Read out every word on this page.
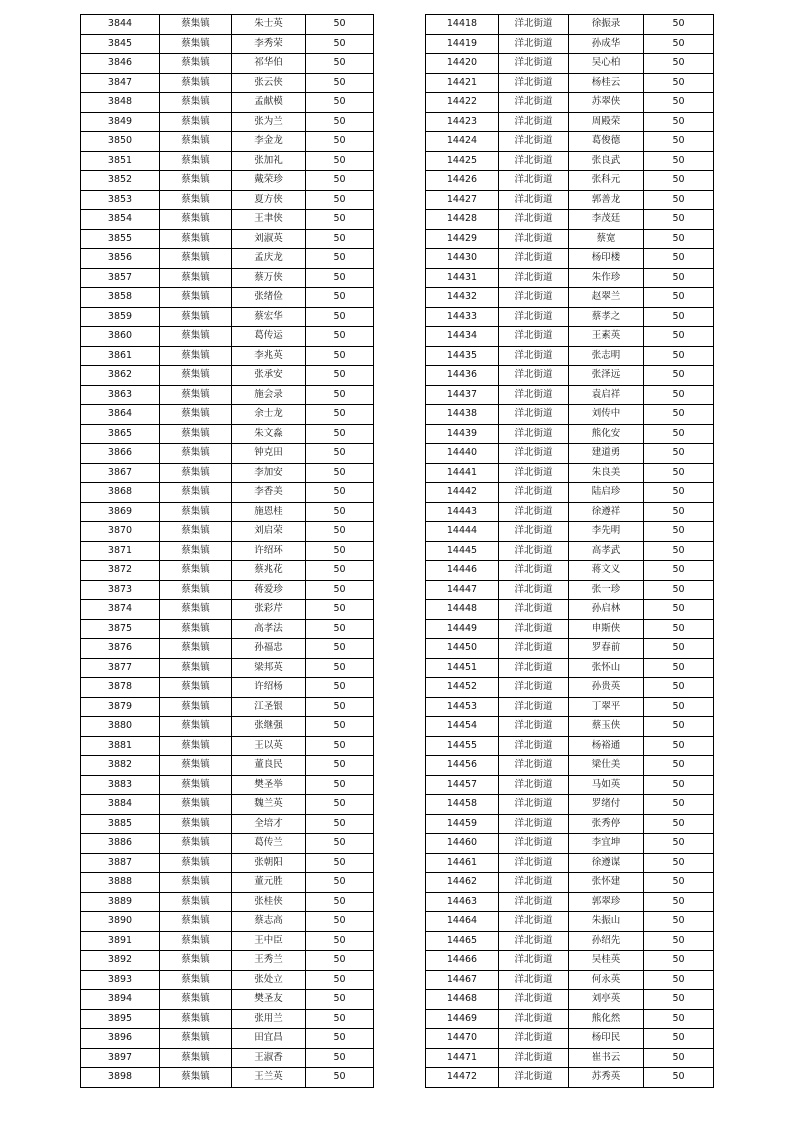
3844	蔡集镇	朱士英	50
3845	蔡集镇	李秀荣	50
3846	蔡集镇	祁华伯	50
3847	蔡集镇	张云侠	50
3848	蔡集镇	孟献模	50
3849	蔡集镇	张为兰	50
3850	蔡集镇	李金龙	50
3851	蔡集镇	张加礼	50
3852	蔡集镇	戴荣珍	50
3853	蔡集镇	夏方侠	50
3854	蔡集镇	王聿侠	50
3855	蔡集镇	刘淑英	50
3856	蔡集镇	孟庆龙	50
3857	蔡集镇	蔡万侠	50
3858	蔡集镇	张绪俭	50
3859	蔡集镇	蔡宏华	50
3860	蔡集镇	葛传运	50
3861	蔡集镇	李兆英	50
3862	蔡集镇	张承安	50
3863	蔡集镇	施会录	50
3864	蔡集镇	余士龙	50
3865	蔡集镇	朱文淼	50
3866	蔡集镇	钟克田	50
3867	蔡集镇	李加安	50
3868	蔡集镇	李香美	50
3869	蔡集镇	施恩桂	50
3870	蔡集镇	刘启荣	50
3871	蔡集镇	许绍环	50
3872	蔡集镇	蔡兆花	50
3873	蔡集镇	蒋爱珍	50
3874	蔡集镇	张彩芹	50
3875	蔡集镇	高孝法	50
3876	蔡集镇	孙福忠	50
3877	蔡集镇	梁邦英	50
3878	蔡集镇	许绍杨	50
3879	蔡集镇	江圣银	50
3880	蔡集镇	张继强	50
3881	蔡集镇	王以英	50
3882	蔡集镇	董良民	50
3883	蔡集镇	樊圣举	50
3884	蔡集镇	魏兰英	50
3885	蔡集镇	全培才	50
3886	蔡集镇	葛传兰	50
3887	蔡集镇	张朝阳	50
3888	蔡集镇	董元胜	50
3889	蔡集镇	张桂侠	50
3890	蔡集镇	蔡志高	50
3891	蔡集镇	王中臣	50
3892	蔡集镇	王秀兰	50
3893	蔡集镇	张处立	50
3894	蔡集镇	樊圣友	50
3895	蔡集镇	张用兰	50
3896	蔡集镇	田宜昌	50
3897	蔡集镇	王淑香	50
3898	蔡集镇	王兰英	50
14418	洋北街道	徐振录	50
14419	洋北街道	孙成华	50
14420	洋北街道	吴心柏	50
14421	洋北街道	杨桂云	50
14422	洋北街道	苏翠侠	50
14423	洋北街道	周殿荣	50
14424	洋北街道	葛俊德	50
14425	洋北街道	张良武	50
14426	洋北街道	张科元	50
14427	洋北街道	郭善龙	50
14428	洋北街道	李茂廷	50
14429	洋北街道	蔡宽	50
14430	洋北街道	杨印楼	50
14431	洋北街道	朱作珍	50
14432	洋北街道	赵翠兰	50
14433	洋北街道	蔡孝之	50
14434	洋北街道	王素英	50
14435	洋北街道	张志明	50
14436	洋北街道	张泽远	50
14437	洋北街道	袁启祥	50
14438	洋北街道	刘传中	50
14439	洋北街道	熊化安	50
14440	洋北街道	建道勇	50
14441	洋北街道	朱良美	50
14442	洋北街道	陆启珍	50
14443	洋北街道	徐遵祥	50
14444	洋北街道	李先明	50
14445	洋北街道	高孝武	50
14446	洋北街道	蒋文义	50
14447	洋北街道	张一珍	50
14448	洋北街道	孙启林	50
14449	洋北街道	申斯侠	50
14450	洋北街道	罗春前	50
14451	洋北街道	张怀山	50
14452	洋北街道	孙贵英	50
14453	洋北街道	丁翠平	50
14454	洋北街道	蔡玉侠	50
14455	洋北街道	杨裕通	50
14456	洋北街道	梁仕美	50
14457	洋北街道	马如英	50
14458	洋北街道	罗绪付	50
14459	洋北街道	张秀停	50
14460	洋北街道	李宜坤	50
14461	洋北街道	徐遵谋	50
14462	洋北街道	张怀建	50
14463	洋北街道	郭翠珍	50
14464	洋北街道	朱振山	50
14465	洋北街道	孙绍先	50
14466	洋北街道	吴桂英	50
14467	洋北街道	何永英	50
14468	洋北街道	刘亭英	50
14469	洋北街道	熊化然	50
14470	洋北街道	杨印民	50
14471	洋北街道	崔书云	50
14472	洋北街道	苏秀英	50
